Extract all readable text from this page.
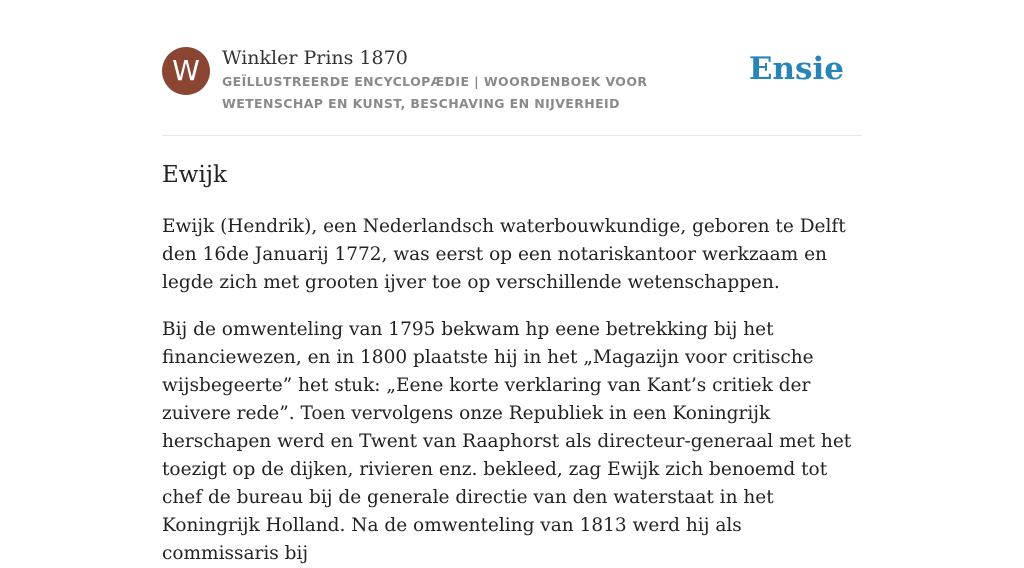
W	Winkler Prins 1870
GEÏLLUSTREERDE ENCYCLOPÆDIE | WOORDENBOEK VOOR WETENSCHAP EN KUNST, BESCHAVING EN NIJVERHEID
Ensie
Ewijk

Ewijk (Hendrik), een Nederlandsch waterbouwkundige, geboren te Delft den 16de Januarij 1772, was eerst op een notariskantoor werkzaam en legde zich met grooten ijver toe op verschillende wetenschappen.

Bij de omwenteling van 1795 bekwam hp eene betrekking bij het financiewezen, en in 1800 plaatste hij in het „Magazijn voor critische wijsbegeerte” het stuk: „Eene korte verklaring van Kant’s critiek der zuivere rede”. Toen vervolgens onze Republiek in een Koningrijk herschapen werd en Twent van Raaphorst als directeur-generaal met het toezigt op de dijken, rivieren enz. bekleed, zag Ewijk zich benoemd tot chef de bureau bij de generale directie van den waterstaat in het Koningrijk Holland. Na de omwenteling van 1813 werd hij als commissaris bij
